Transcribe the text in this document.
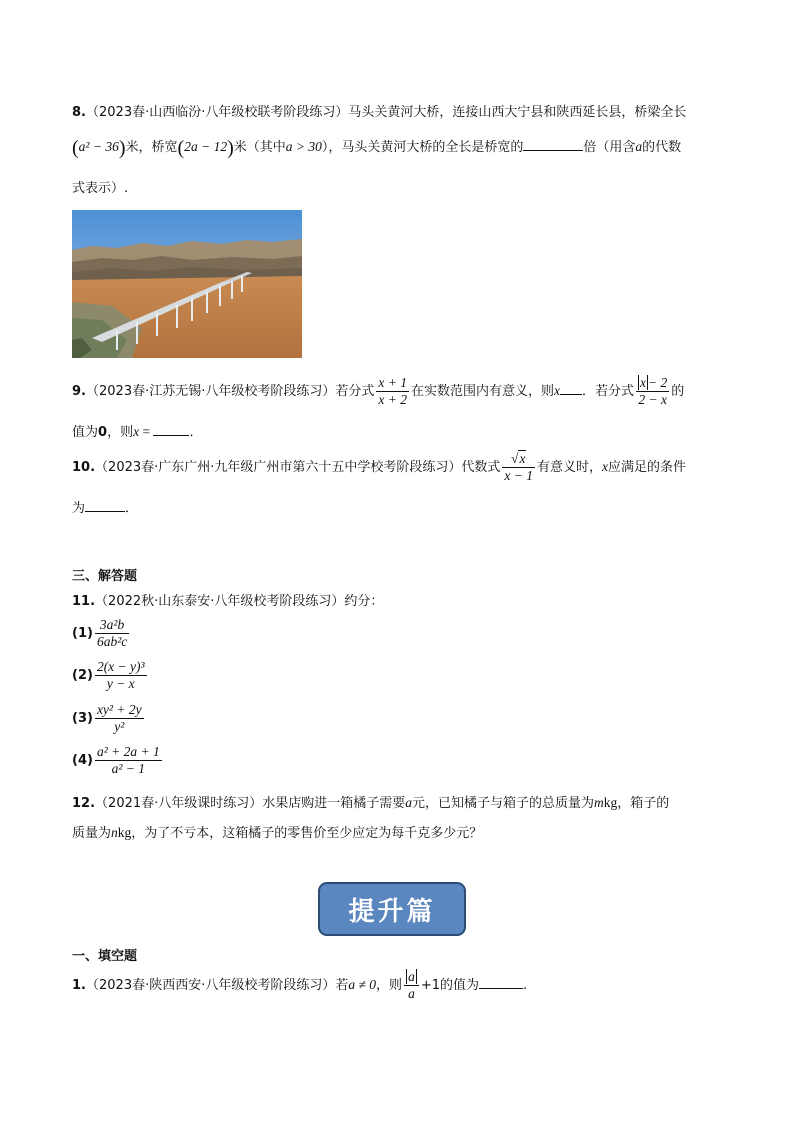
8.（2023春·山西临汾·八年级校联考阶段练习）马头关黄河大桥，连接山西大宁县和陕西延长县，桥梁全长
(a² − 36)米，桥宽(2a − 12)米（其中a > 30），马头关黄河大桥的全长是桥宽的	倍（用含a的代数
式表示）.
9.（2023春·江苏无锡·八年级校考阶段练习）若分式 $\frac{x + 1}{x + 2}$ 在实数范围内有意义，则x ．若分式 $\frac{x - 2}{2 - x}$ 的
值为0，则x =	．
10.（2023春·广东广州·九年级广州市第六十五中学校考阶段练习）代数式 $\frac{√x}{x - 1}$ 有意义时，x应满足的条件
为	．
三、解答题
11.（2022秋·山东泰安·八年级校考阶段练习）约分：
$(1) \frac{\text{3a²b}}{\text{6ab²c}}$
$(2) \frac{\text{2(x − y)³}}{y - x}$
$(3) \frac{\text{xy² + 2y}}{\text{y²}}$
$(4) \frac{\text{a² + 2a + 1}}{\text{a² − 1}}$
12.（2021春·八年级课时练习）水果店购进一箱橘子需要a元，已知橘子与箱子的总质量为mkg，箱子的
质量为nkg，为了不亏本，这箱橘子的零售价至少应定为每千克多少元？
提升篇
一、填空题
1.（2023春·陕西西安·八年级校考阶段练习）若a ≠ 0，则 $\frac{a}{a} +1$的值为	.
